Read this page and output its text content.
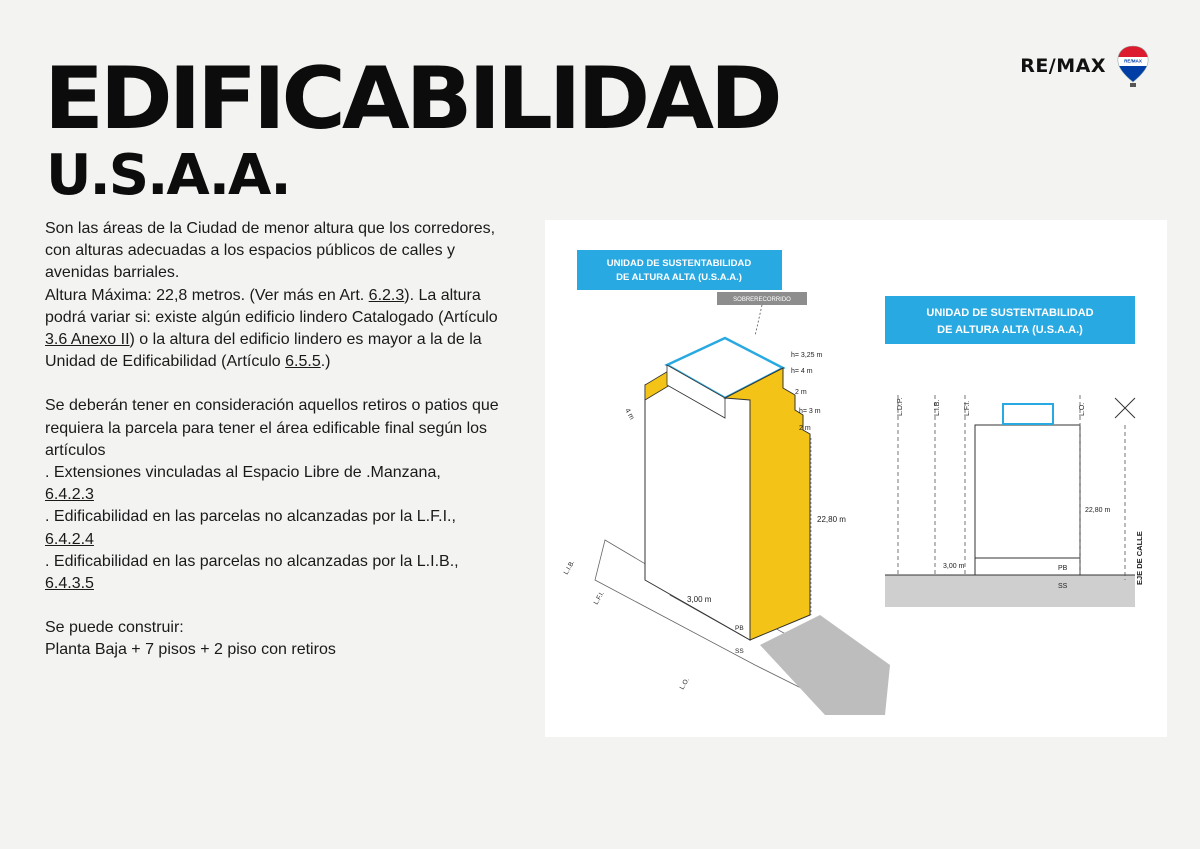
RE/MAX	RE/MAX
EDIFICABILIDAD
U.S.A.A.

Son las áreas de la Ciudad de menor altura que los corredores, con alturas adecuadas a los espacios públicos de calles y avenidas barriales.

Altura Máxima: 22,8 metros. (Ver más en Art. 6.2.3). La altura podrá variar si: existe algún edificio lindero Catalogado (Artículo 3.6 Anexo II) o la altura del edificio lindero es mayor a la de la Unidad de Edificabilidad (Artículo 6.5.5.)

Se deberán tener en consideración aquellos retiros o patios que requiera la parcela para tener el área edificable final según los artículos

. Extensiones vinculadas al Espacio Libre de .Manzana,

6.4.2.3

. Edificabilidad en las parcelas no alcanzadas por la L.F.I.,

6.4.2.4

. Edificabilidad en las parcelas no alcanzadas por la L.I.B.,

6.4.3.5

Se puede construir:

Planta Baja + 7 pisos + 2 piso con retiros

UNIDAD DE SUSTENTABILIDAD
DE ALTURA ALTA (U.S.A.A.)
SOBRERECORRIDO
4 m
h= 3,25 m
h= 4 m
2 m
h= 3 m
2 m
22,80 m
3,00 m
PB
SS
L.I.B.
L.F.I.
L.O.
UNIDAD DE SUSTENTABILIDAD
DE ALTURA ALTA (U.S.A.A.)
PB
SS
3,00 m
22,80 m
L.D.P.	L.I.B.	L.F.I.	L.O.
EJE DE CALLE
